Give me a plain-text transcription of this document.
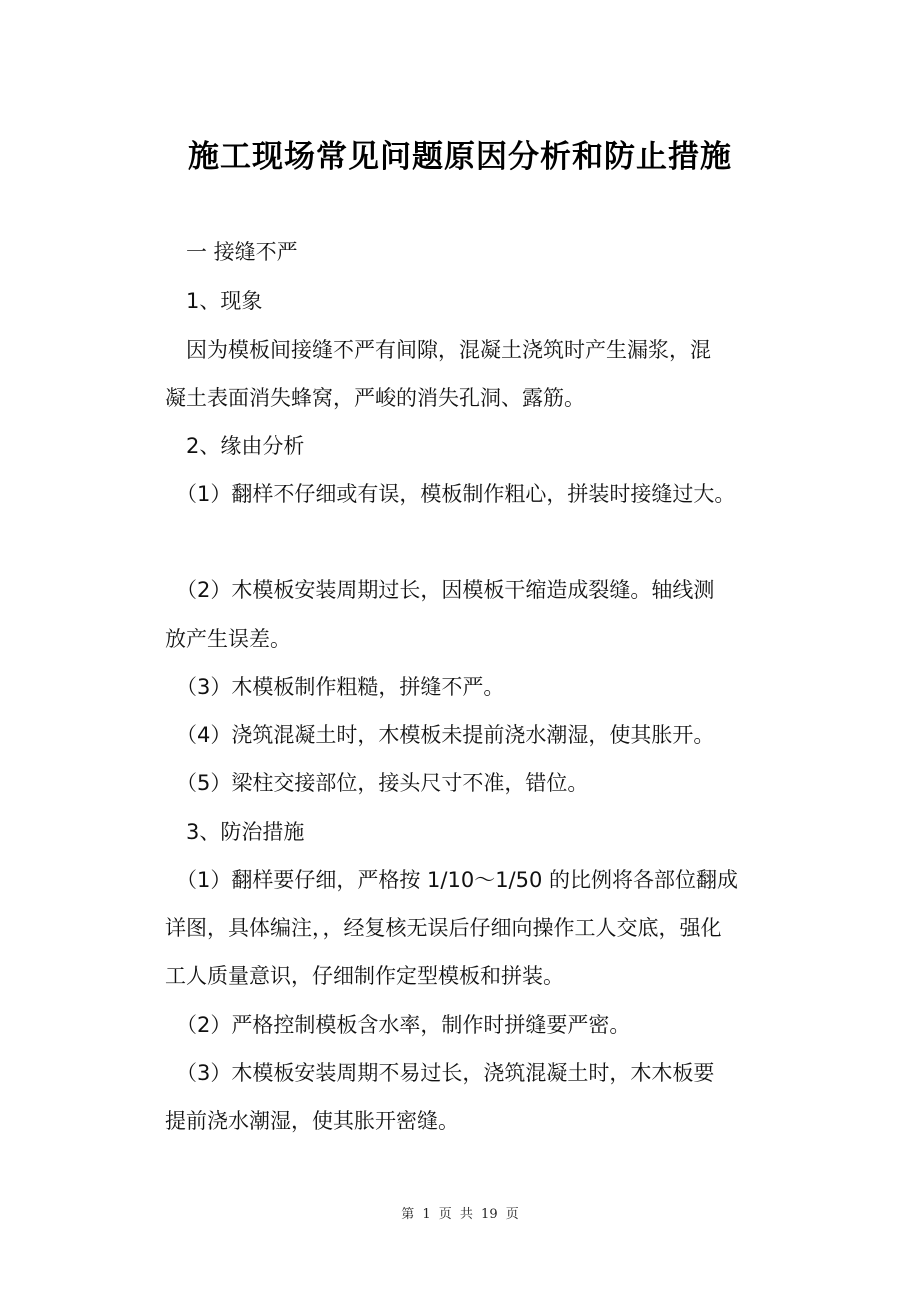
施工现场常见问题原因分析和防止措施
一 接缝不严
1、现象
因为模板间接缝不严有间隙，混凝土浇筑时产生漏浆，混
凝土表面消失蜂窝，严峻的消失孔洞、露筋。
2、缘由分析
（1）翻样不仔细或有误，模板制作粗心，拼装时接缝过大。
（2）木模板安装周期过长，因模板干缩造成裂缝。轴线测
放产生误差。
（3）木模板制作粗糙，拼缝不严。
（4）浇筑混凝土时，木模板未提前浇水潮湿，使其胀开。
（5）梁柱交接部位，接头尺寸不准，错位。
3、防治措施
（1）翻样要仔细，严格按 1/10～1/50 的比例将各部位翻成
详图，具体编注，，经复核无误后仔细向操作工人交底，强化
工人质量意识，仔细制作定型模板和拼装。
（2）严格控制模板含水率，制作时拼缝要严密。
（3）木模板安装周期不易过长，浇筑混凝土时，木木板要
提前浇水潮湿，使其胀开密缝。
第 1 页 共 19 页
